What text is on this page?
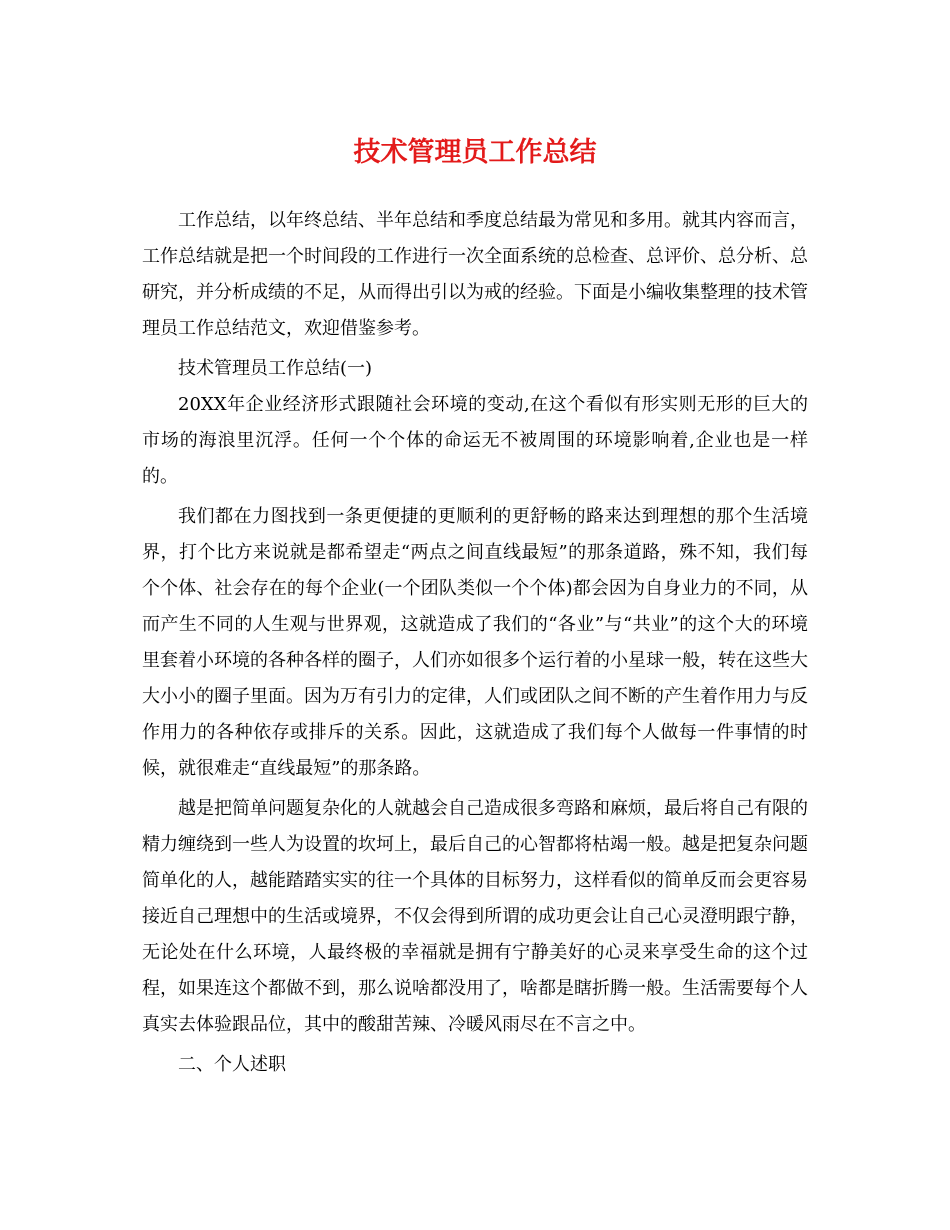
技术管理员工作总结

工作总结，以年终总结、半年总结和季度总结最为常见和多用。就其内容而言，工作总结就是把一个时间段的工作进行一次全面系统的总检查、总评价、总分析、总研究，并分析成绩的不足，从而得出引以为戒的经验。下面是小编收集整理的技术管理员工作总结范文，欢迎借鉴参考。

技术管理员工作总结(一)

20XX年企业经济形式跟随社会环境的变动,在这个看似有形实则无形的巨大的市场的海浪里沉浮。任何一个个体的命运无不被周围的环境影响着,企业也是一样的。

我们都在力图找到一条更便捷的更顺利的更舒畅的路来达到理想的那个生活境界，打个比方来说就是都希望走“两点之间直线最短”的那条道路，殊不知，我们每个个体、社会存在的每个企业(一个团队类似一个个体)都会因为自身业力的不同，从而产生不同的人生观与世界观，这就造成了我们的“各业”与“共业”的这个大的环境里套着小环境的各种各样的圈子，人们亦如很多个运行着的小星球一般，转在这些大大小小的圈子里面。因为万有引力的定律，人们或团队之间不断的产生着作用力与反作用力的各种依存或排斥的关系。因此，这就造成了我们每个人做每一件事情的时候，就很难走“直线最短”的那条路。

越是把简单问题复杂化的人就越会自己造成很多弯路和麻烦，最后将自己有限的精力缠绕到一些人为设置的坎坷上，最后自己的心智都将枯竭一般。越是把复杂问题简单化的人，越能踏踏实实的往一个具体的目标努力，这样看似的简单反而会更容易接近自己理想中的生活或境界，不仅会得到所谓的成功更会让自己心灵澄明跟宁静，无论处在什么环境，人最终极的幸福就是拥有宁静美好的心灵来享受生命的这个过程，如果连这个都做不到，那么说啥都没用了，啥都是瞎折腾一般。生活需要每个人真实去体验跟品位，其中的酸甜苦辣、冷暖风雨尽在不言之中。

二、个人述职
